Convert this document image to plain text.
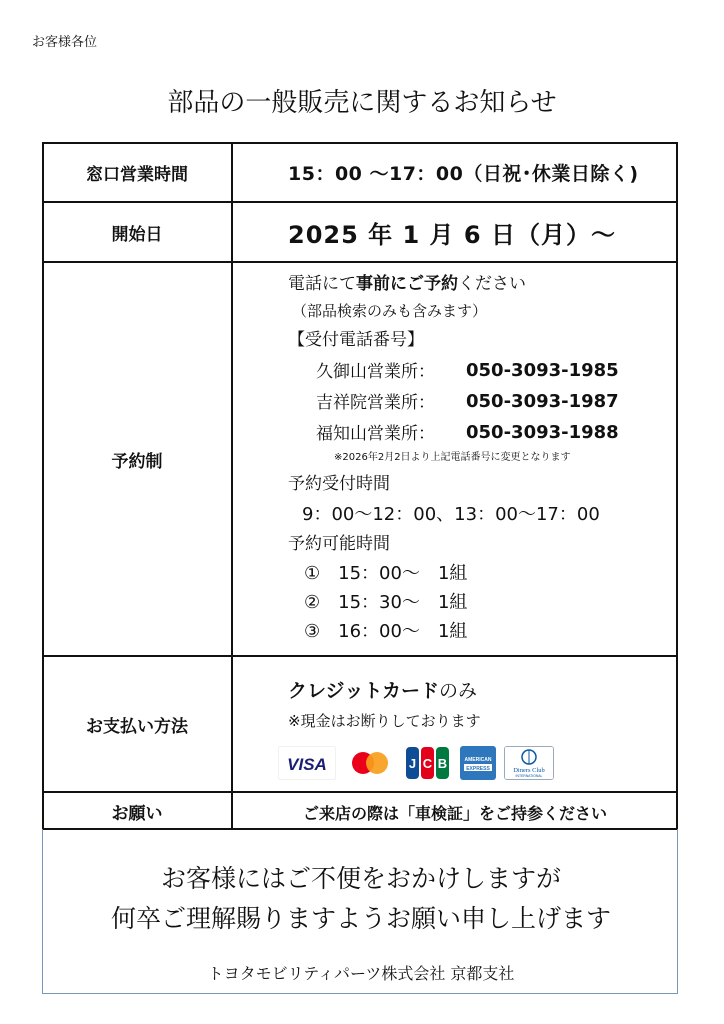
お客様各位
部品の一般販売に関するお知らせ
窓口営業時間	15：00 ～17：00（日祝･休業日除く)
開始日	2025 年 1 月 6 日（月）～
予約制
電話にて事前にご予約ください
（部品検索のみも含みます）
【受付電話番号】
久御山営業所： 050-3093-1985
吉祥院営業所： 050-3093-1987
福知山営業所： 050-3093-1988
※2026年2月2日より上記電話番号に変更となります
予約受付時間
9：00～12：00、13：00～17：00
予約可能時間
①　15：00～　1組
②　15：30～　1組
③　16：00～　1組
お支払い方法
クレジットカードのみ
※現金はお断りしております
VISA	J C B	AMERICAN
EXPRESS	Diners Club
INTERNATIONAL
お願い	ご来店の際は「車検証」をご持参ください
お客様にはご不便をおかけしますが
何卒ご理解賜りますようお願い申し上げます
トヨタモビリティパーツ株式会社 京都支社
